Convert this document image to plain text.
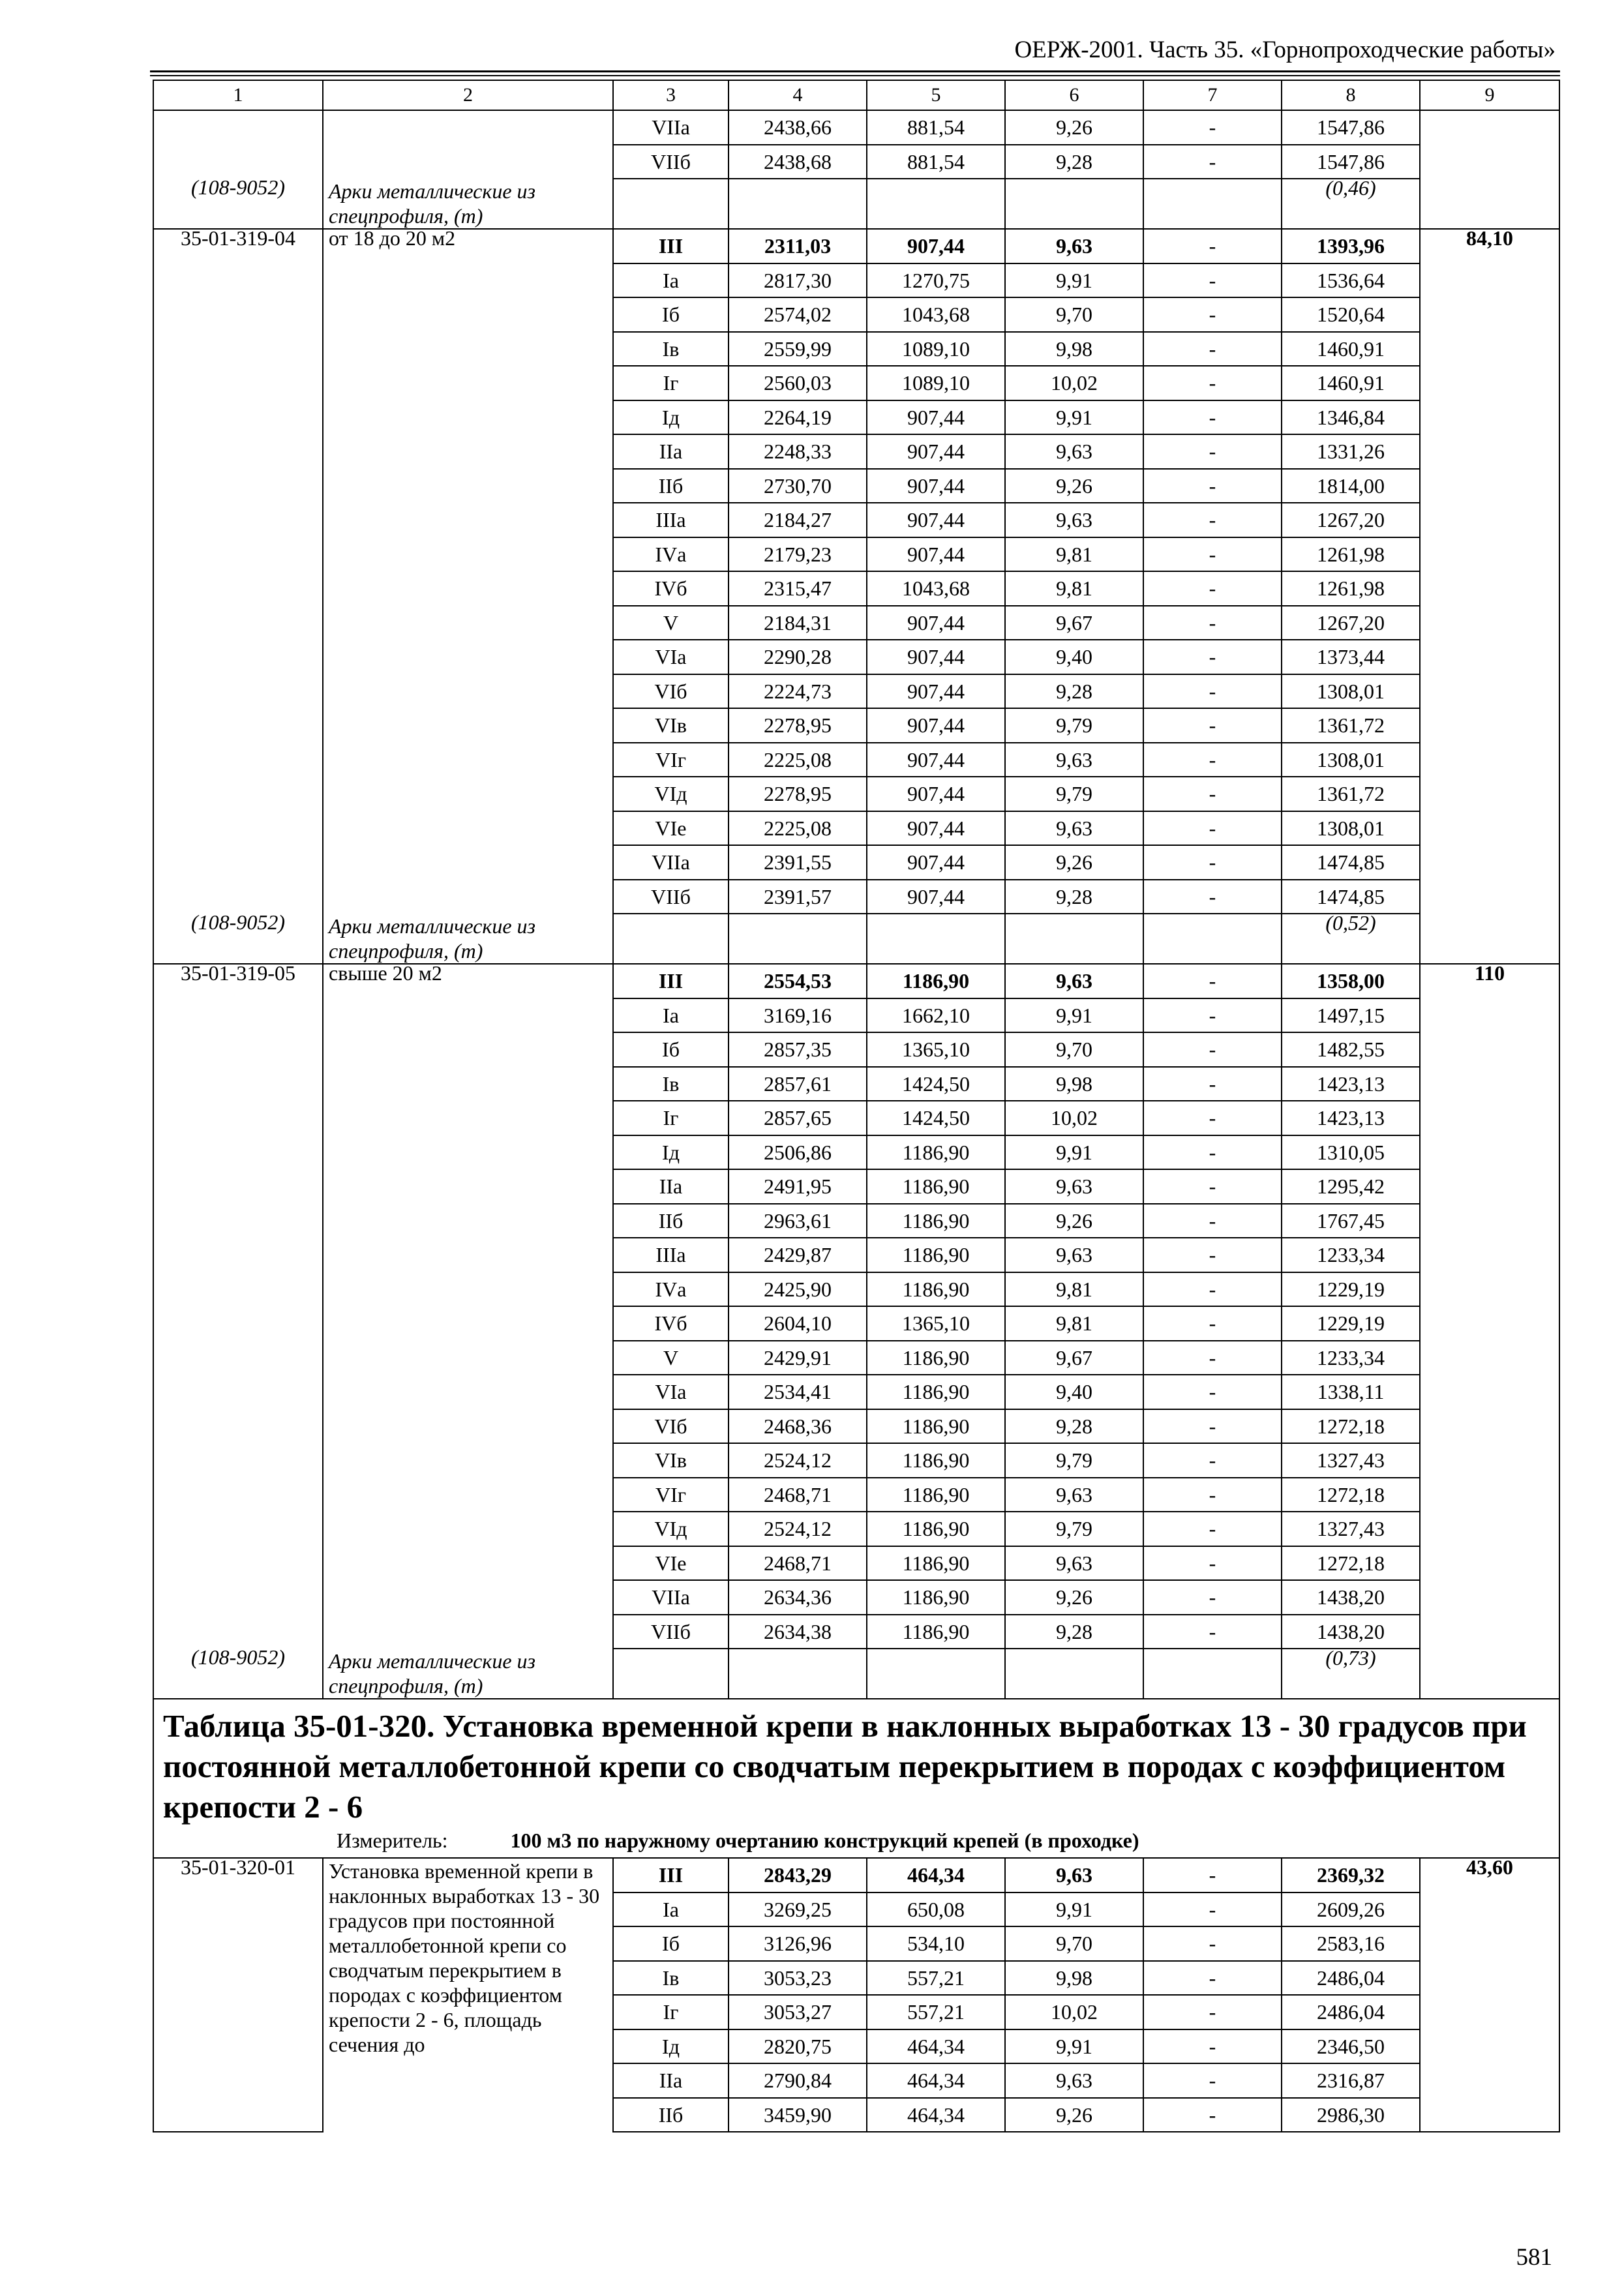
ОЕРЖ-2001. Часть 35. «Горнопроходческие работы»
1	2	3	4	5	6	7	8	9
		VIIа	2438,66	881,54	9,26	-	1547,86	
		VIIб	2438,68	881,54	9,28	-	1547,86	
(108-9052)	Арки металлические из спецпрофиля, (т)						(0,46)	
35-01-319-04	от 18 до 20 м2	III	2311,03	907,44	9,63	-	1393,96	84,10
		Iа	2817,30	1270,75	9,91	-	1536,64	
		Iб	2574,02	1043,68	9,70	-	1520,64	
		Iв	2559,99	1089,10	9,98	-	1460,91	
		Iг	2560,03	1089,10	10,02	-	1460,91	
		Iд	2264,19	907,44	9,91	-	1346,84	
		IIа	2248,33	907,44	9,63	-	1331,26	
		IIб	2730,70	907,44	9,26	-	1814,00	
		IIIа	2184,27	907,44	9,63	-	1267,20	
		IVа	2179,23	907,44	9,81	-	1261,98	
		IVб	2315,47	1043,68	9,81	-	1261,98	
		V	2184,31	907,44	9,67	-	1267,20	
		VIа	2290,28	907,44	9,40	-	1373,44	
		VIб	2224,73	907,44	9,28	-	1308,01	
		VIв	2278,95	907,44	9,79	-	1361,72	
		VIг	2225,08	907,44	9,63	-	1308,01	
		VIд	2278,95	907,44	9,79	-	1361,72	
		VIе	2225,08	907,44	9,63	-	1308,01	
		VIIа	2391,55	907,44	9,26	-	1474,85	
		VIIб	2391,57	907,44	9,28	-	1474,85	
(108-9052)	Арки металлические из спецпрофиля, (т)						(0,52)	
35-01-319-05	свыше 20 м2	III	2554,53	1186,90	9,63	-	1358,00	110
		Iа	3169,16	1662,10	9,91	-	1497,15	
		Iб	2857,35	1365,10	9,70	-	1482,55	
		Iв	2857,61	1424,50	9,98	-	1423,13	
		Iг	2857,65	1424,50	10,02	-	1423,13	
		Iд	2506,86	1186,90	9,91	-	1310,05	
		IIа	2491,95	1186,90	9,63	-	1295,42	
		IIб	2963,61	1186,90	9,26	-	1767,45	
		IIIа	2429,87	1186,90	9,63	-	1233,34	
		IVа	2425,90	1186,90	9,81	-	1229,19	
		IVб	2604,10	1365,10	9,81	-	1229,19	
		V	2429,91	1186,90	9,67	-	1233,34	
		VIа	2534,41	1186,90	9,40	-	1338,11	
		VIб	2468,36	1186,90	9,28	-	1272,18	
		VIв	2524,12	1186,90	9,79	-	1327,43	
		VIг	2468,71	1186,90	9,63	-	1272,18	
		VIд	2524,12	1186,90	9,79	-	1327,43	
		VIе	2468,71	1186,90	9,63	-	1272,18	
		VIIа	2634,36	1186,90	9,26	-	1438,20	
		VIIб	2634,38	1186,90	9,28	-	1438,20	
(108-9052)	Арки металлические из спецпрофиля, (т)						(0,73)	

Таблица 35-01-320. Установка временной крепи в наклонных выработках 13 - 30 градусов при постоянной металлобетонной крепи со сводчатым перекрытием в породах с коэффициентом крепости 2 - 6
Измеритель: 100 м3 по наружному очертанию конструкций крепей (в проходке)								

35-01-320-01	Установка временной крепи в наклонных выработках 13 - 30 градусов при постоянной металлобетонной крепи со сводчатым перекрытием в породах с коэффициентом крепости 2 - 6, площадь сечения до	III	2843,29	464,34	9,63	-	2369,32	43,60
		Iа	3269,25	650,08	9,91	-	2609,26	
		Iб	3126,96	534,10	9,70	-	2583,16	
		Iв	3053,23	557,21	9,98	-	2486,04	
		Iг	3053,27	557,21	10,02	-	2486,04	
		Iд	2820,75	464,34	9,91	-	2346,50	
		IIа	2790,84	464,34	9,63	-	2316,87	
		IIб	3459,90	464,34	9,26	-	2986,30	
581
